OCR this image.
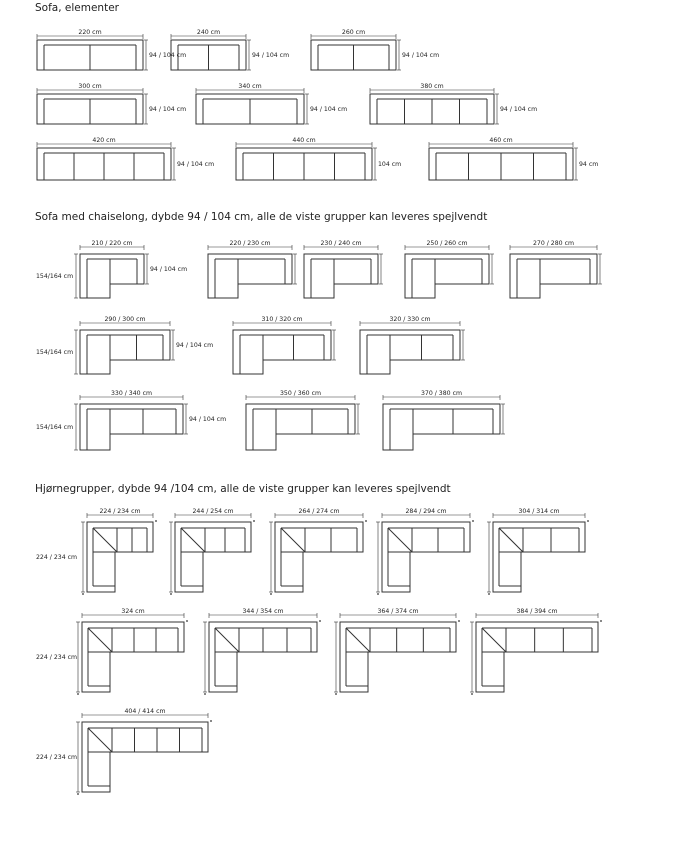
Sofa, elementer
Sofa med chaiselong, dybde 94 / 104 cm, alle de viste grupper kan leveres spejlvendt
Hjørnegrupper, dybde 94 /104 cm, alle de viste grupper kan leveres spejlvendt
220 cm
94 / 104 cm
240 cm
94 / 104 cm
260 cm
94 / 104 cm
300 cm
94 / 104 cm
340 cm
94 / 104 cm
380 cm
94 / 104 cm
420 cm
94 / 104 cm
440 cm
104 cm
460 cm
94 cm
210 / 220 cm
94 / 104 cm
154/164 cm
220 / 230 cm	230 / 240 cm	250 / 260 cm	270 / 280 cm
290 / 300 cm
94 / 104 cm
154/164 cm
310 / 320 cm	320 / 330 cm
330 / 340 cm
94 / 104 cm
154/164 cm
350 / 360 cm	370 / 380 cm
224 / 234 cm
224 / 234 cm
244 / 254 cm	264 / 274 cm	284 / 294 cm	304 / 314 cm
324 cm
224 / 234 cm
344 / 354 cm	364 / 374 cm	384 / 394 cm
404 / 414 cm
224 / 234 cm
